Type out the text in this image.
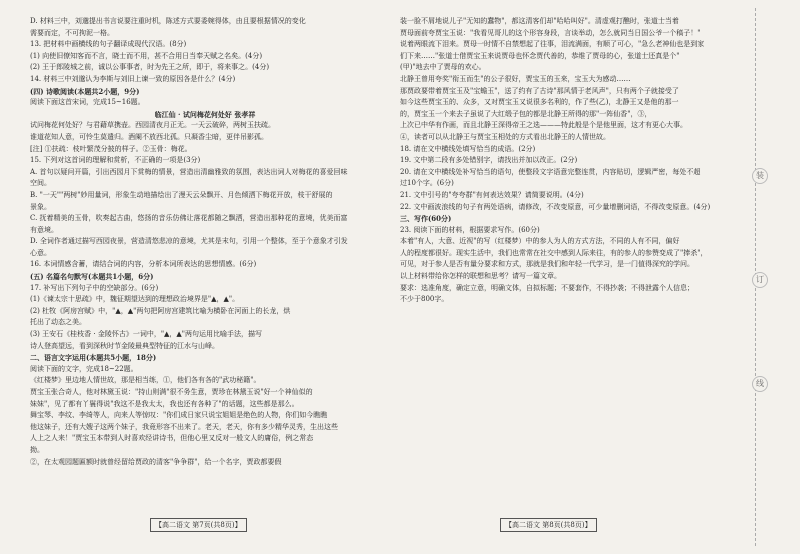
D. 材料三中，刘邈提出书言说要注重时机，陈述方式要委婉得体，由且要根据情况的变化
需要而定，不可拘泥一格。
13. 把材料中画横线的句子翻译成现代汉语。(8分)
(1) 向使旧僚知客而不言，晓士而不用，甚不合用日当奉天赋之名矣。(4分)
(2) 王于郎陵城之前，诚以公事事者，时为先王之所，即于，将来事之。(4分)
14. 材料三中刘邈认为李斯与刘旧上谏一致的原因各是什么？(4分)
(四) 诗歌阅读(本题共2小题，9分)
阅读下面这首宋词，完成15~16题。
临江仙 · 试问梅花何处好 张孝祥
试问梅花何处好？与君藉草携壶。西园清夜月正无。一天云破碎，两树玉扶疏。
谁道花知人意，可怜生莫遣归。酒阑不放西北孤。只凝香尘暗，更伴吊影孤。
[注] ①扶疏：枝叶繁茂分披的样子。②玉骨：梅花。
15. 下列对这首词的理解和赏析，不正确的一项是(3分)
A. 首句以疑问开篇，引出西园月下赏梅的情景，营造出清幽雅致的氛围，表达出词人对梅花的喜爱回味
空间。
B. "一天""两树"妙用量词，形象生动地描绘出了漫天云朵飘开、月色倾洒下梅花开放，枝干舒展的
景象。
C. 抚着精美的玉骨，吹奏起古曲，悠扬的音乐仿佛让落花都随之飘洒，营造出那种花的意境，优美而富
有意境。
D. 全词作者通过描写西园夜景，营造清悠悲凉的意境，尤其是末句，引用一个整体，至于个意象才引发
心意。
16. 本词情感含蓄，请结合词的内容，分析本词所表达的思想情感。(6分)
(五) 名篇名句默写(本题共1小题，6分)
17. 补写出下列句子中的空缺部分。(6分)
(1)《谏太宗十思疏》中，魏征期望达到的理想政治境界是"▲，▲"。
(2) 杜牧《阿房宫赋》中，"▲，▲"两句把阿房宫建筑比喻为横卧在河面上的长龙，烘
托出了动态之美。
(3) 王安石《桂枝香 · 金陵怀古》一词中，"▲，▲"两句运用比喻手法，描写
诗人登高望远，看到深秋时节金陵最典型特征的江水与山峰。
二、语言文字运用(本题共5小题，18分)
阅读下面的文字，完成18~22题。
《红楼梦》里边地人情世故，那是相当练，①，他们各有各的"武功秘籍"。
贾宝玉张合奇人，他对林黛玉说："持山则满"很不务生意，贾珍在林黛玉说"好一个神仙似的
妹妹"，见了都有丫鬟得说"我这不是我太太，我也还有各种了"的话题，这些都是那么。
舞宝琴、李纹、李绮等人，向来人等惊叹："你们成日家只说宝姐姐是绝色的人物，你们如今瞧瞧
他这妹子，还有大嫂子这两个妹子，我竟形容不出来了。老天，老天，你有多少精华灵秀，生出这些
人上之人来！"贾宝玉本带到人时喜欢经讲诗书，但他心里又反对一般文人的庸俗，例之常态
拗。
②，在太观园题匾额时就曾经留给贾政的清客"争争群"，给一个名字，贾政都要假
装一脸不屑地说儿子"无知的蠢物"，都这清客们却"哈哈叫好"。清虚观打醮时，张道士当着
贾母面前夸贾宝玉说："我看见哥儿的这个形容身段，言谈举动，怎么就同当日国公爷一个稿子！"
说着两眼流下泪来。贾母一时情不自禁想起了往事，泪流满面，有顺了可心，"急么老神仙也是到家
们下来……"张道士借贾宝玉来说贾母也怀念贾代善的，恭维了贾母的心，张道士还真是个"
(甲)"地去中了贾母的欢心。
北静王曾用夸奖"衔玉而生"的公子很好，贾宝玉的玉来，宝玉大为感动……
那贾政要带着贾宝玉及"宝蟾玉"，送了约有了古诗"那风情于老风声"，只有两个子就接受了
如今这些贾宝玉的、众多，又对贾宝玉又说很多名利的，作了些(乙)，北静王又是他的那一
的，贾宝玉一个来去子虽说了大红缎子包的都是北静王所得的那"一阵仙香"，③，
上次已中华有作画，而且北静王深得帝王之选———特此般是个是他里面，这才有更心大事。
④，读者可以从北静王与贾宝玉相处的方式看出北静王的人情世故。
18. 请在文中横线处填写恰当的成语。(2分)
19. 文中第二段有多处错别字，请找出并加以改正。(2分)
20. 请在文中横线处补写恰当的语句，使整段文字语意完整连贯，内容贴切，逻辑严密，每处不超
过10个字。(6分)
21. 文中引号的"夸夸群"有何表达效果？请简要说明。(4分)
22. 文中画波浪线的句子有两处语病，请修改，不改变原意，可少量增删词语，不得改变原意。(4分)
三、写作(60分)
23. 阅读下面的材料，根据要求写作。(60分)
本着"有人，大意、近视"的写（红楼梦）中的参人为人的方式方法，不同的人有不同，偏好
人的程度都很好。现实生活中，我们也常常在社交中感到人际来往，有的参人的参赞变成了"捧杀"，
可见，对于参人是否有量分要求和方式，那就是我们和年轻一代学习，是一门值得深究的学问。
以上材料带给你怎样的联想和思考？请写一篇文章。
要求：选准角度，确定立意，明确文体，自拟标题；不要套作，不得抄袭；不得泄露个人信息；
不少于800字。
装
订
线
【高二语文 第7页(共8页)】	【高二语文 第8页(共8页)】
